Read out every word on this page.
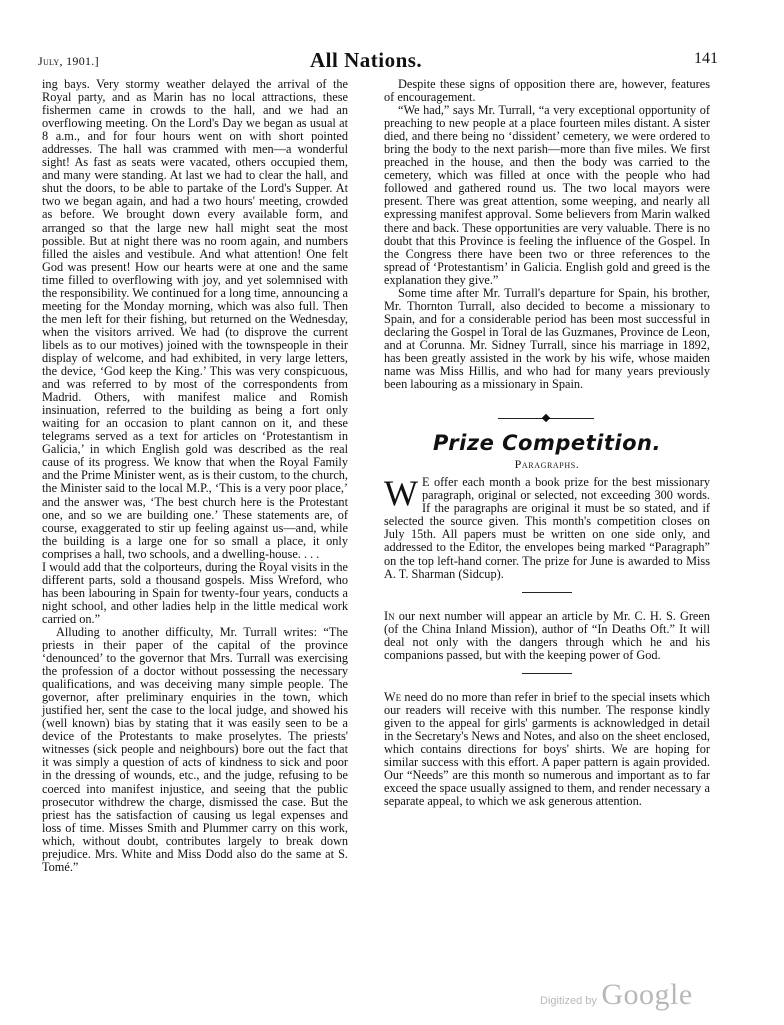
July, 1901.]	All Nations.	141

ing bays. Very stormy weather delayed the arrival of the Royal party, and as Marin has no local attractions, these fishermen came in crowds to the hall, and we had an overflowing meeting. On the Lord's Day we began as usual at 8 a.m., and for four hours went on with short pointed addresses. The hall was crammed with men—a wonderful sight! As fast as seats were vacated, others occupied them, and many were standing. At last we had to clear the hall, and shut the doors, to be able to partake of the Lord's Supper. At two we began again, and had a two hours' meeting, crowded as before. We brought down every available form, and arranged so that the large new hall might seat the most possible. But at night there was no room again, and numbers filled the aisles and vestibule. And what attention! One felt God was present! How our hearts were at one and the same time filled to overflowing with joy, and yet solemnised with the responsibility. We continued for a long time, announcing a meeting for the Monday morning, which was also full. Then the men left for their fishing, but returned on the Wednesday, when the visitors arrived. We had (to disprove the current libels as to our motives) joined with the townspeople in their display of welcome, and had exhibited, in very large letters, the device, ‘God keep the King.’ This was very conspicuous, and was referred to by most of the correspondents from Madrid. Others, with manifest malice and Romish insinuation, referred to the building as being a fort only waiting for an occasion to plant cannon on it, and these telegrams served as a text for articles on ‘Protestantism in Galicia,’ in which English gold was described as the real cause of its progress. We know that when the Royal Family and the Prime Minister went, as is their custom, to the church, the Minister said to the local M.P., ‘This is a very poor place,’ and the answer was, ‘The best church here is the Protestant one, and so we are building one.’ These statements are, of course, exaggerated to stir up feeling against us—and, while the building is a large one for so small a place, it only comprises a hall, two schools, and a dwelling-house. . . .

I would add that the colporteurs, during the Royal visits in the different parts, sold a thousand gospels. Miss Wreford, who has been labouring in Spain for twenty-four years, conducts a night school, and other ladies help in the little medical work carried on.”

Alluding to another difficulty, Mr. Turrall writes: “The priests in their paper of the capital of the province ‘denounced’ to the governor that Mrs. Turrall was exercising the profession of a doctor without possessing the necessary qualifications, and was deceiving many simple people. The governor, after preliminary enquiries in the town, which justified her, sent the case to the local judge, and showed his (well known) bias by stating that it was easily seen to be a device of the Protestants to make proselytes. The priests' witnesses (sick people and neighbours) bore out the fact that it was simply a question of acts of kindness to sick and poor in the dressing of wounds, etc., and the judge, refusing to be coerced into manifest injustice, and seeing that the public prosecutor withdrew the charge, dismissed the case. But the priest has the satisfaction of causing us legal expenses and loss of time. Misses Smith and Plummer carry on this work, which, without doubt, contributes largely to break down prejudice. Mrs. White and Miss Dodd also do the same at S. Tomé.”

Despite these signs of opposition there are, however, features of encouragement.

“We had,” says Mr. Turrall, “a very exceptional opportunity of preaching to new people at a place fourteen miles distant. A sister died, and there being no ‘dissident’ cemetery, we were ordered to bring the body to the next parish—more than five miles. We first preached in the house, and then the body was carried to the cemetery, which was filled at once with the people who had followed and gathered round us. The two local mayors were present. There was great attention, some weeping, and nearly all expressing manifest approval. Some believers from Marin walked there and back. These opportunities are very valuable. There is no doubt that this Province is feeling the influence of the Gospel. In the Congress there have been two or three references to the spread of ‘Protestantism’ in Galicia. English gold and greed is the explanation they give.”

Some time after Mr. Turrall's departure for Spain, his brother, Mr. Thornton Turrall, also decided to become a missionary to Spain, and for a considerable period has been most successful in declaring the Gospel in Toral de las Guzmanes, Province de Leon, and at Corunna. Mr. Sidney Turrall, since his marriage in 1892, has been greatly assisted in the work by his wife, whose maiden name was Miss Hillis, and who had for many years previously been labouring as a missionary in Spain.

Prize Competition.
Paragraphs.

W E offer each month a book prize for the best missionary paragraph, original or selected, not exceeding 300 words. If the paragraphs are original it must be so stated, and if selected the source given. This month's competition closes on July 15th. All papers must be written on one side only, and addressed to the Editor, the envelopes being marked “Paragraph” on the top left-hand corner. The prize for June is awarded to Miss A. T. Sharman (Sidcup).

In our next number will appear an article by Mr. C. H. S. Green (of the China Inland Mission), author of “In Deaths Oft.” It will deal not only with the dangers through which he and his companions passed, but with the keeping power of God.

We need do no more than refer in brief to the special insets which our readers will receive with this number. The response kindly given to the appeal for girls' garments is acknowledged in detail in the Secretary's News and Notes, and also on the sheet enclosed, which contains directions for boys' shirts. We are hoping for similar success with this effort. A paper pattern is again provided. Our “Needs” are this month so numerous and important as to far exceed the space usually assigned to them, and render necessary a separate appeal, to which we ask generous attention.

Digitized by Google
